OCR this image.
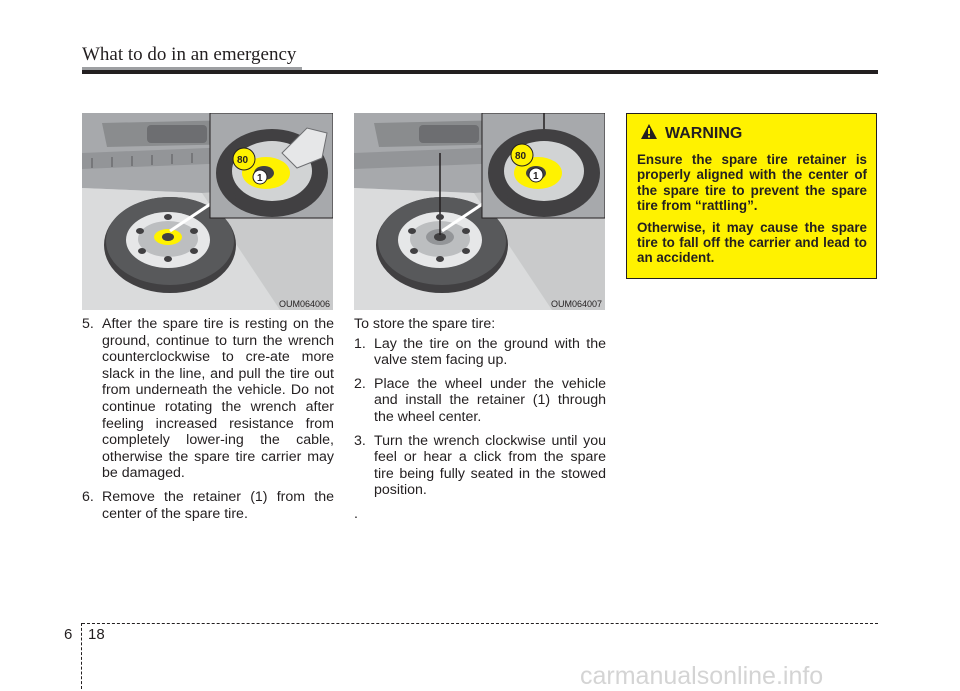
What to do in an emergency
80
1
OUM064006
80
1
OUM064007
5. After the spare tire is resting on the ground, continue to turn the wrench counterclockwise to cre-ate more slack in the line, and pull the tire out from underneath the vehicle. Do not continue rotating the wrench after feeling increased resistance from completely lower-ing the cable, otherwise the spare tire carrier may be damaged.
6. Remove the retainer (1) from the center of the spare tire.
To store the spare tire:
1. Lay the tire on the ground with the valve stem facing up.
2. Place the wheel under the vehicle and install the retainer (1) through the wheel center.
3. Turn the wrench clockwise until you feel or hear a click from the spare tire being fully seated in the stowed position.
.
WARNING

Ensure the spare tire retainer is properly aligned with the center of the spare tire to prevent the spare tire from “rattling”.

Otherwise, it may cause the spare tire to fall off the carrier and lead to an accident.

6 18
carmanualsonline.info
